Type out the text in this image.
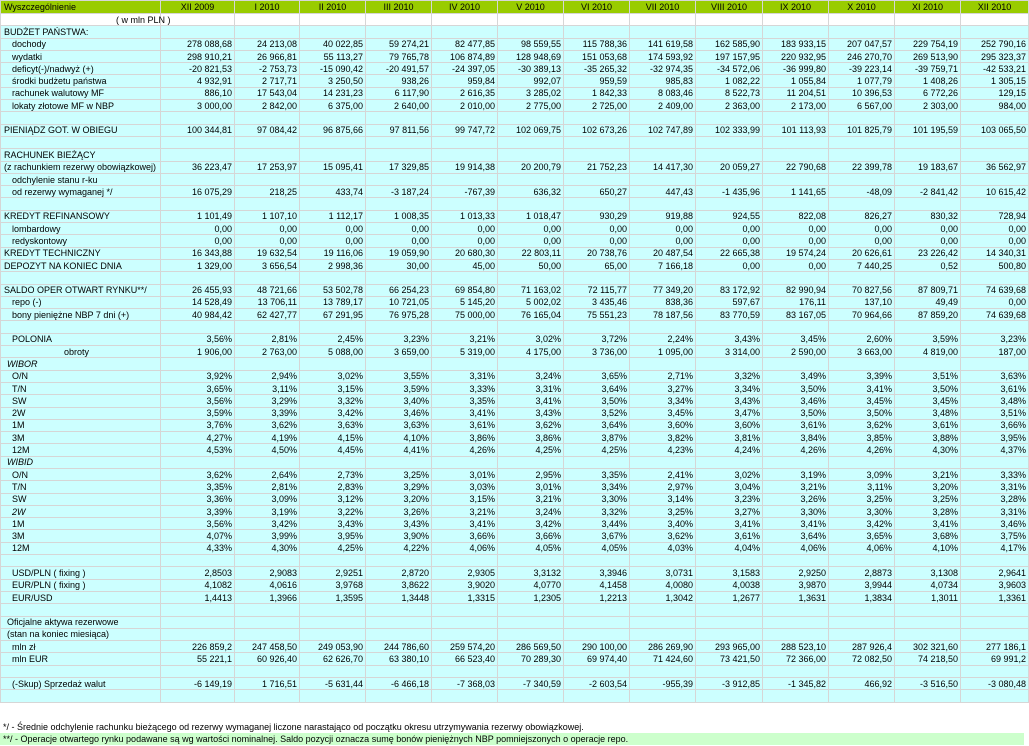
Wyszczególnienie	XII 2009	I 2010	II 2010	III 2010	IV 2010	V 2010	VI 2010	VII 2010	VIII 2010	IX 2010	X 2010	XI 2010	XII 2010
( w mln PLN )													
BUDŻET PAŃSTWA:													
dochody	278 088,68	24 213,08	40 022,85	59 274,21	82 477,85	98 559,55	115 788,36	141 619,58	162 585,90	183 933,15	207 047,57	229 754,19	252 790,16
wydatki	298 910,21	26 966,81	55 113,27	79 765,78	106 874,89	128 948,69	151 053,68	174 593,92	197 157,95	220 932,95	246 270,70	269 513,90	295 323,37
deficyt(-)/nadwyż (+)	-20 821,53	-2 753,73	-15 090,42	-20 491,57	-24 397,05	-30 389,13	-35 265,32	-32 974,35	-34 572,06	-36 999,80	-39 223,14	-39 759,71	-42 533,21
środki budżetu państwa	4 932,91	2 717,71	3 250,50	938,26	959,84	992,07	959,59	985,83	1 082,22	1 055,84	1 077,79	1 408,26	1 305,15
rachunek walutowy MF	886,10	17 543,04	14 231,23	6 117,90	2 616,35	3 285,02	1 842,33	8 083,46	8 522,73	11 204,51	10 396,53	6 772,26	129,15
lokaty złotowe MF w NBP	3 000,00	2 842,00	6 375,00	2 640,00	2 010,00	2 775,00	2 725,00	2 409,00	2 363,00	2 173,00	6 567,00	2 303,00	984,00

PIENIĄDZ GOT. W OBIEGU	100 344,81	97 084,42	96 875,66	97 811,56	99 747,72	102 069,75	102 673,26	102 747,89	102 333,99	101 113,93	101 825,79	101 195,59	103 065,50

RACHUNEK BIEŻĄCY													
(z rachunkiem rezerwy obowiązkowej)	36 223,47	17 253,97	15 095,41	17 329,85	19 914,38	20 200,79	21 752,23	14 417,30	20 059,27	22 790,68	22 399,78	19 183,67	36 562,97
odchylenie stanu r-ku													
od rezerwy wymaganej */	16 075,29	218,25	433,74	-3 187,24	-767,39	636,32	650,27	447,43	-1 435,96	1 141,65	-48,09	-2 841,42	10 615,42

KREDYT REFINANSOWY	1 101,49	1 107,10	1 112,17	1 008,35	1 013,33	1 018,47	930,29	919,88	924,55	822,08	826,27	830,32	728,94
lombardowy	0,00	0,00	0,00	0,00	0,00	0,00	0,00	0,00	0,00	0,00	0,00	0,00	0,00
redyskontowy	0,00	0,00	0,00	0,00	0,00	0,00	0,00	0,00	0,00	0,00	0,00	0,00	0,00
KREDYT TECHNICZNY	16 343,88	19 632,54	19 116,06	19 059,90	20 680,30	22 803,11	20 738,76	20 487,54	22 665,38	19 574,24	20 626,61	23 226,42	14 340,31
DEPOZYT NA KONIEC DNIA	1 329,00	3 656,54	2 998,36	30,00	45,00	50,00	65,00	7 166,18	0,00	0,00	7 440,25	0,52	500,80

SALDO OPER OTWART RYNKU**/	26 455,93	48 721,66	53 502,78	66 254,23	69 854,80	71 163,02	72 115,77	77 349,20	83 172,92	82 990,94	70 827,56	87 809,71	74 639,68
repo (-)	14 528,49	13 706,11	13 789,17	10 721,05	5 145,20	5 002,02	3 435,46	838,36	597,67	176,11	137,10	49,49	0,00
bony pieniężne NBP 7 dni (+)	40 984,42	62 427,77	67 291,95	76 975,28	75 000,00	76 165,04	75 551,23	78 187,56	83 770,59	83 167,05	70 964,66	87 859,20	74 639,68

POLONIA	3,56%	2,81%	2,45%	3,23%	3,21%	3,02%	3,72%	2,24%	3,43%	3,45%	2,60%	3,59%	3,23%
obroty	1 906,00	2 763,00	5 088,00	3 659,00	5 319,00	4 175,00	3 736,00	1 095,00	3 314,00	2 590,00	3 663,00	4 819,00	187,00
WIBOR													
O/N	3,92%	2,94%	3,02%	3,55%	3,31%	3,24%	3,65%	2,71%	3,32%	3,49%	3,39%	3,51%	3,63%
T/N	3,65%	3,11%	3,15%	3,59%	3,33%	3,31%	3,64%	3,27%	3,34%	3,50%	3,41%	3,50%	3,61%
SW	3,56%	3,29%	3,32%	3,40%	3,35%	3,41%	3,50%	3,34%	3,43%	3,46%	3,45%	3,45%	3,48%
2W	3,59%	3,39%	3,42%	3,46%	3,41%	3,43%	3,52%	3,45%	3,47%	3,50%	3,50%	3,48%	3,51%
1M	3,76%	3,62%	3,63%	3,63%	3,61%	3,62%	3,64%	3,60%	3,60%	3,61%	3,62%	3,61%	3,66%
3M	4,27%	4,19%	4,15%	4,10%	3,86%	3,86%	3,87%	3,82%	3,81%	3,84%	3,85%	3,88%	3,95%
12M	4,53%	4,50%	4,45%	4,41%	4,26%	4,25%	4,25%	4,23%	4,24%	4,26%	4,26%	4,30%	4,37%
WIBID													
O/N	3,62%	2,64%	2,73%	3,25%	3,01%	2,95%	3,35%	2,41%	3,02%	3,19%	3,09%	3,21%	3,33%
T/N	3,35%	2,81%	2,83%	3,29%	3,03%	3,01%	3,34%	2,97%	3,04%	3,21%	3,11%	3,20%	3,31%
SW	3,36%	3,09%	3,12%	3,20%	3,15%	3,21%	3,30%	3,14%	3,23%	3,26%	3,25%	3,25%	3,28%
2W	3,39%	3,19%	3,22%	3,26%	3,21%	3,24%	3,32%	3,25%	3,27%	3,30%	3,30%	3,28%	3,31%
1M	3,56%	3,42%	3,43%	3,43%	3,41%	3,42%	3,44%	3,40%	3,41%	3,41%	3,42%	3,41%	3,46%
3M	4,07%	3,99%	3,95%	3,90%	3,66%	3,66%	3,67%	3,62%	3,61%	3,64%	3,65%	3,68%	3,75%
12M	4,33%	4,30%	4,25%	4,22%	4,06%	4,05%	4,05%	4,03%	4,04%	4,06%	4,06%	4,10%	4,17%

USD/PLN ( fixing )	2,8503	2,9083	2,9251	2,8720	2,9305	3,3132	3,3946	3,0731	3,1583	2,9250	2,8873	3,1308	2,9641
EUR/PLN ( fixing )	4,1082	4,0616	3,9768	3,8622	3,9020	4,0770	4,1458	4,0080	4,0038	3,9870	3,9944	4,0734	3,9603
EUR/USD	1,4413	1,3966	1,3595	1,3448	1,3315	1,2305	1,2213	1,3042	1,2677	1,3631	1,3834	1,3011	1,3361

Oficjalne aktywa rezerwowe													
(stan na koniec miesiąca)													
mln zł	226 859,2	247 458,50	249 053,90	244 786,60	259 574,20	286 569,50	290 100,00	286 269,90	293 965,00	288 523,10	287 926,4	302 321,60	277 186,1
mln EUR	55 221,1	60 926,40	62 626,70	63 380,10	66 523,40	70 289,30	69 974,40	71 424,60	73 421,50	72 366,00	72 082,50	74 218,50	69 991,2

(-Skup) Sprzedaż walut	-6 149,19	1 716,51	-5 631,44	-6 466,18	-7 368,03	-7 340,59	-2 603,54	-955,39	-3 912,85	-1 345,82	466,92	-3 516,50	-3 080,48

*/ - Średnie odchylenie rachunku bieżącego od rezerwy wymaganej liczone narastająco od początku okresu utrzymywania rezerwy obowiązkowej.
**/ - Operacje otwartego rynku podawane są wg wartości nominalnej. Saldo pozycji oznacza sumę bonów pieniężnych NBP pomniejszonych o operacje repo.
